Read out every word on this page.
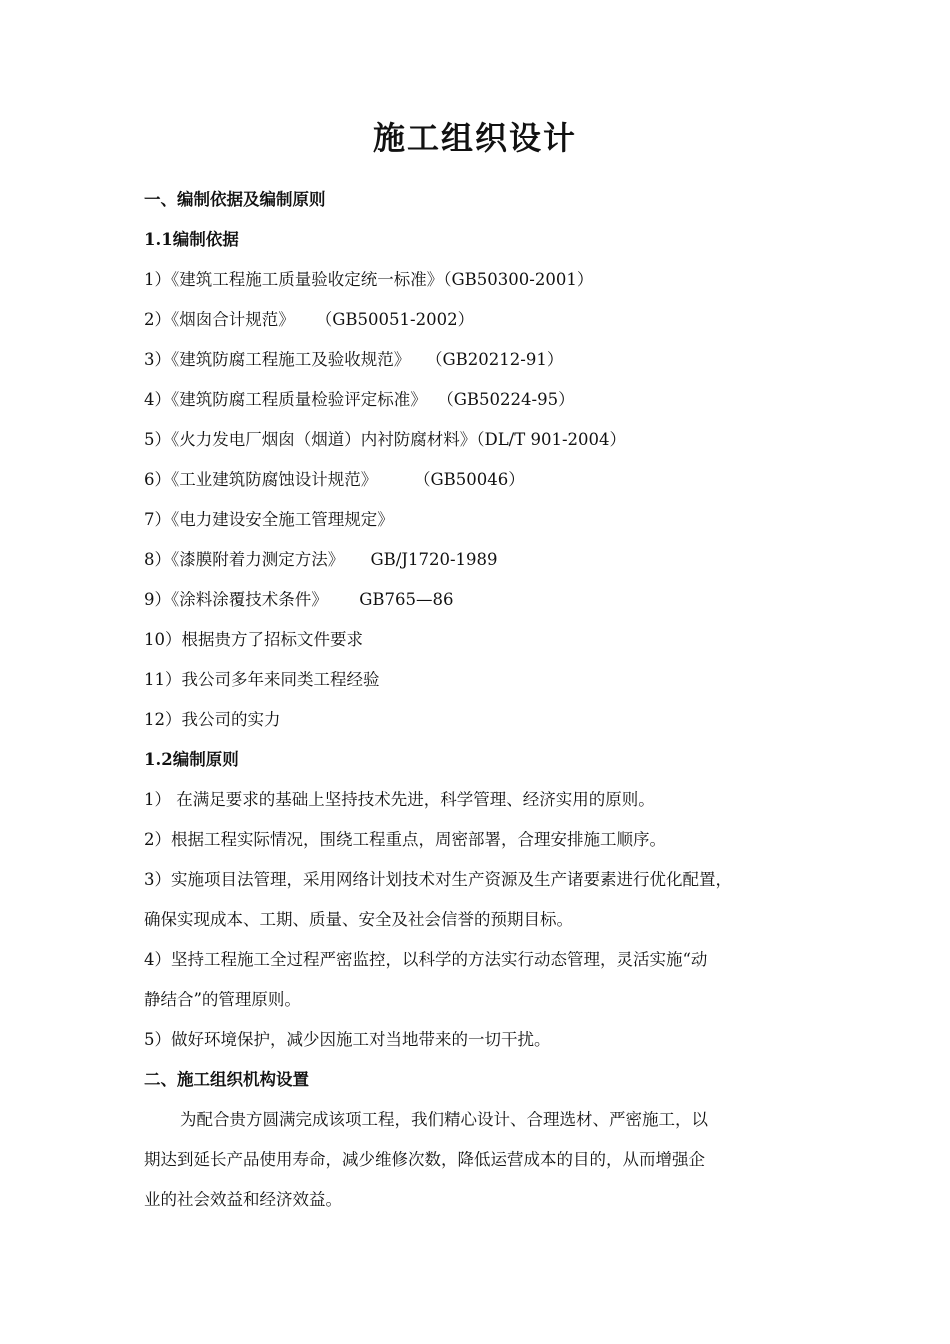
施工组织设计
一、编制依据及编制原则
1.1编制依据
1）《建筑工程施工质量验收定统一标准》（GB50300-2001）
2）《烟囱合计规范》    （GB50051-2002）
3）《建筑防腐工程施工及验收规范》   （GB20212-91）
4）《建筑防腐工程质量检验评定标准》  （GB50224-95）
5）《火力发电厂烟囱（烟道）内衬防腐材料》（DL/T 901-2004）
6）《工业建筑防腐蚀设计规范》       （GB50046）
7）《电力建设安全施工管理规定》
8）《漆膜附着力测定方法》     GB/J1720-1989
9）《涂料涂覆技术条件》      GB765—86
10）根据贵方了招标文件要求
11）我公司多年来同类工程经验
12）我公司的实力
1.2编制原则
1） 在满足要求的基础上坚持技术先进，科学管理、经济实用的原则。
2）根据工程实际情况，围绕工程重点，周密部署，合理安排施工顺序。
3）实施项目法管理，采用网络计划技术对生产资源及生产诸要素进行优化配置，
确保实现成本、工期、质量、安全及社会信誉的预期目标。
4）坚持工程施工全过程严密监控，以科学的方法实行动态管理，灵活实施“动
静结合”的管理原则。
5）做好环境保护，减少因施工对当地带来的一切干扰。
二、施工组织机构设置
为配合贵方圆满完成该项工程，我们精心设计、合理选材、严密施工，以
期达到延长产品使用寿命，减少维修次数，降低运营成本的目的，从而增强企
业的社会效益和经济效益。
